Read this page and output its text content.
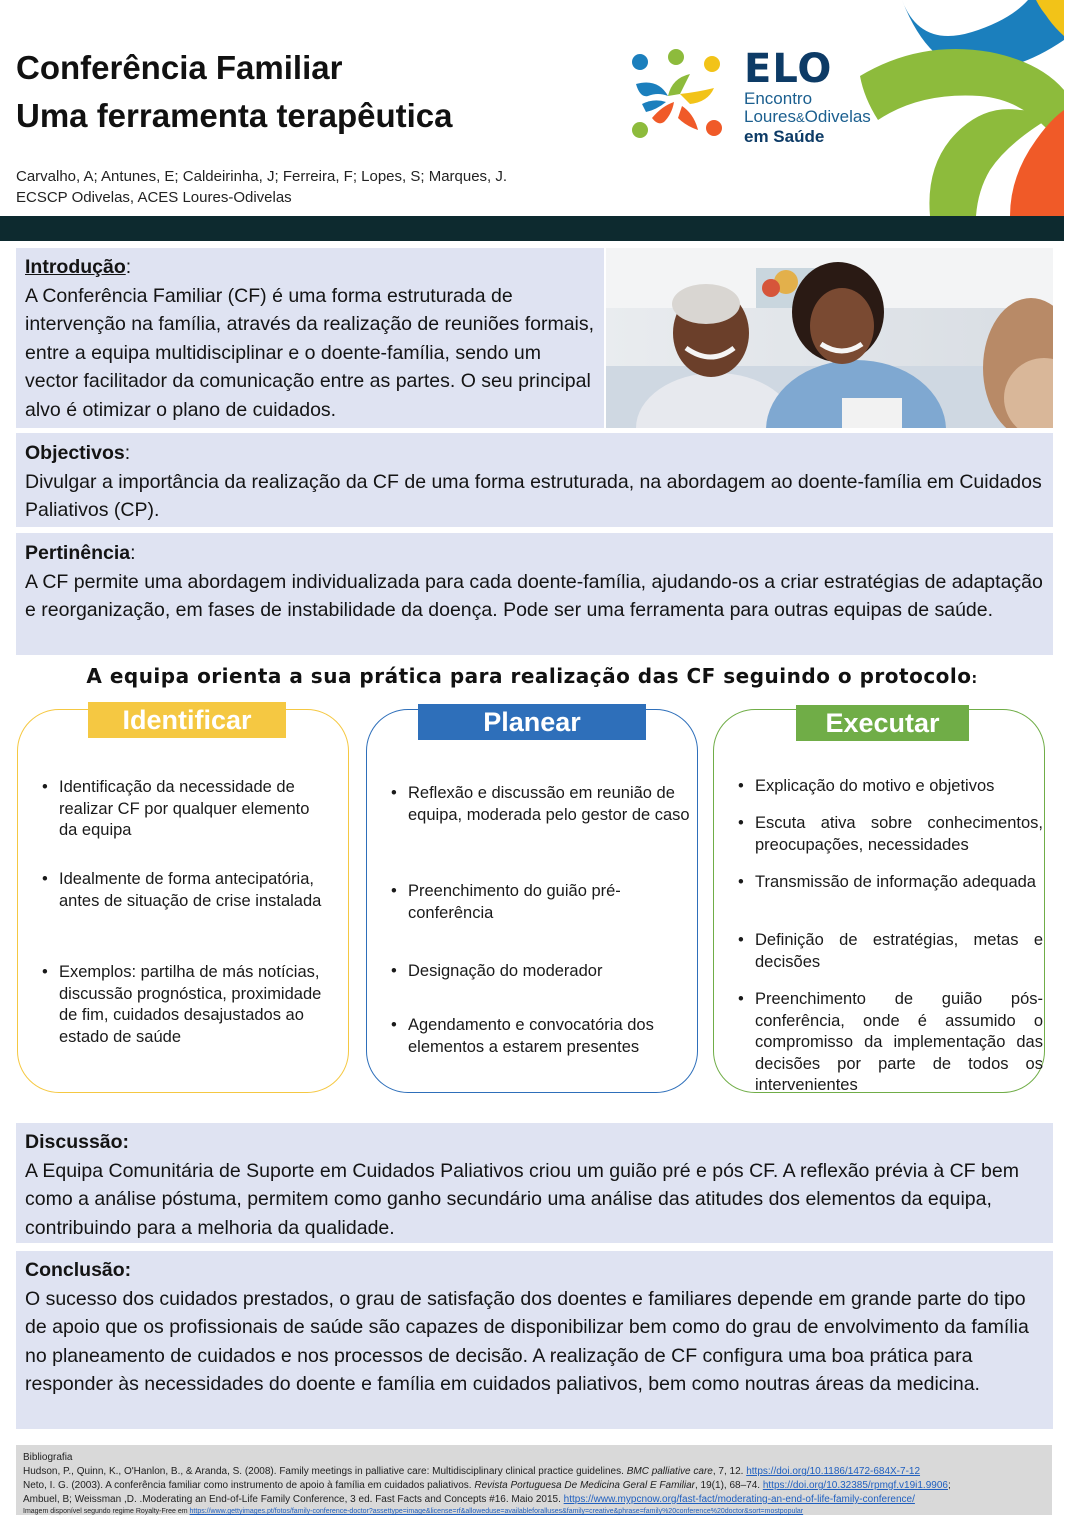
Conferência Familiar
Uma ferramenta terapêutica
Carvalho, A; Antunes, E; Caldeirinha, J; Ferreira, F; Lopes, S; Marques, J.
ECSCP Odivelas, ACES Loures-Odivelas
ELO
Encontro
Loures&Odivelas
em Saúde
Introdução:
A Conferência Familiar (CF) é uma forma estruturada de intervenção na família, através da realização de reuniões formais, entre a equipa multidisciplinar e o doente-família, sendo um vector facilitador da comunicação entre as partes. O seu principal alvo é otimizar o plano de cuidados.
Objectivos:
Divulgar a importância da realização da CF de uma forma estruturada, na abordagem ao doente-família em Cuidados Paliativos (CP).
Pertinência:
A CF permite uma abordagem individualizada para cada doente-família, ajudando-os a criar estratégias de adaptação e reorganização, em fases de instabilidade da doença. Pode ser uma ferramenta para outras equipas de saúde.
A equipa orienta a sua prática para realização das CF seguindo o protocolo:
Identificar
• Identificação da necessidade de realizar CF por qualquer elemento da equipa
• Idealmente de forma antecipatória, antes de situação de crise instalada
• Exemplos: partilha de más notícias, discussão prognóstica, proximidade de fim, cuidados desajustados ao estado de saúde
Planear
• Reflexão e discussão em reunião de equipa, moderada pelo gestor de caso
• Preenchimento do guião pré-conferência
• Designação do moderador
• Agendamento e convocatória dos elementos a estarem presentes
Executar
• Explicação do motivo e objetivos
• Escuta ativa sobre conhecimentos, preocupações, necessidades
• Transmissão de informação adequada
• Definição de estratégias, metas e decisões
• Preenchimento de guião pós-conferência, onde é assumido o compromisso da implementação das decisões por parte de todos os intervenientes
Discussão:
A Equipa Comunitária de Suporte em Cuidados Paliativos criou um guião pré e pós CF. A reflexão prévia à CF bem como a análise póstuma, permitem como ganho secundário uma análise das atitudes dos elementos da equipa, contribuindo para a melhoria da qualidade.
Conclusão:
O sucesso dos cuidados prestados, o grau de satisfação dos doentes e familiares depende em grande parte do tipo de apoio que os profissionais de saúde são capazes de disponibilizar bem como do grau de envolvimento da família no planeamento de cuidados e nos processos de decisão. A realização de CF configura uma boa prática para responder às necessidades do doente e família em cuidados paliativos, bem como noutras áreas da medicina.
Bibliografia
Hudson, P., Quinn, K., O'Hanlon, B., & Aranda, S. (2008). Family meetings in palliative care: Multidisciplinary clinical practice guidelines. BMC palliative care, 7, 12. https://doi.org/10.1186/1472-684X-7-12
Neto, I. G. (2003). A conferência familiar como instrumento de apoio à família em cuidados paliativos. Revista Portuguesa De Medicina Geral E Familiar, 19(1), 68–74. https://doi.org/10.32385/rpmgf.v19i1.9906;
Ambuel, B; Weissman ,D. .Moderating an End-of-Life Family Conference, 3 ed. Fast Facts and Concepts #16. Maio 2015. https://www.mypcnow.org/fast-fact/moderating-an-end-of-life-family-conference/
Imagem disponível segundo regime Royalty-Free em https://www.gettyimages.pt/fotos/family-conference-doctor?assettype=image&license=rf&alloweduse=availableforalluses&family=creative&phrase=family%20conference%20doctor&sort=mostpopular
